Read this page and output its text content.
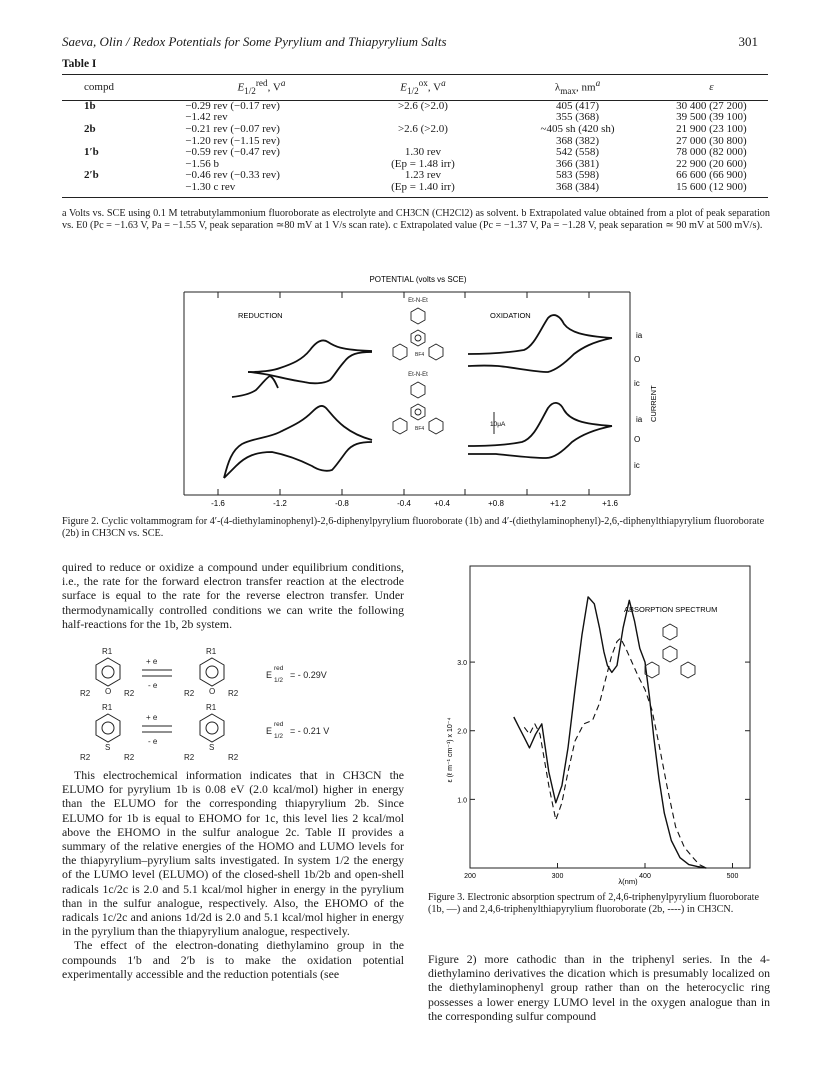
Saeva, Olin / Redox Potentials for Some Pyrylium and Thiapyrylium Salts	301
Table I
compd	$E_{1/2}^{red}$, $V^a$	$E_{1/2}^{ox}$, $V^a$	$\lambda_{max}$, $nm^a$	ε
1b	−0.29 rev (−0.17 rev)	>2.6 (>2.0)	405 (417)	30 400 (27 200)
	−1.42 rev		355 (368)	39 500 (39 100)
2b	−0.21 rev (−0.07 rev)	>2.6 (>2.0)	~405 sh (420 sh)	21 900 (23 100)
	−1.20 rev (−1.15 rev)		368 (382)	27 000 (30 800)
1′b	−0.59 rev (−0.47 rev)	1.30 rev	542 (558)	78 000 (82 000)
	−1.56 b	(Ep = 1.48 irr)	366 (381)	22 900 (20 600)
2′b	−0.46 rev (−0.33 rev)	1.23 rev	583 (598)	66 600 (66 900)
	−1.30 c rev	(Ep = 1.40 irr)	368 (384)	15 600 (12 900)
a Volts vs. SCE using 0.1 M tetrabutylammonium fluoroborate as electrolyte and CH3CN (CH2Cl2) as solvent. b Extrapolated value obtained from a plot of peak separation vs. E0 (Pc = −1.63 V, Pa = −1.55 V, peak separation ≃80 mV at 1 V/s scan rate). c Extrapolated value (Pc = −1.37 V, Pa = −1.28 V, peak separation ≃ 90 mV at 500 mV/s).
POTENTIAL (volts vs SCE)
REDUCTION	OXIDATION
Et-N-Et
BF4
Et-N-Et
BF4
10μA
ia
O
ic
ia
O
ic
CURRENT
-1.6	-1.2	-0.8	-0.4	+0.4	+0.8	+1.2	+1.6
Figure 2. Cyclic voltammogram for 4′-(4-diethylaminophenyl)-2,6-diphenylpyrylium fluoroborate (1b) and 4′-(diethylaminophenyl)-2,6,-diphenylthiapyrylium fluoroborate (2b) in CH3CN vs. SCE.

quired to reduce or oxidize a compound under equilibrium conditions, i.e., the rate for the forward electron transfer reaction at the electrode surface is equal to the rate for the reverse electron transfer. Under thermodynamically controlled conditions we can write the following half-reactions for the 1b, 2b system.

+ e
- e
+ e
- e
O	O
S	S
R1	R1
R2	R2	R2	R2
R1	R1
R2	R2	R2	R2
E
red
1/2
= - 0.29V
E
red
1/2
= - 0.21 V

This electrochemical information indicates that in CH3CN the ELUMO for pyrylium 1b is 0.08 eV (2.0 kcal/mol) higher in energy than the ELUMO for the corresponding thiapyrylium 2b. Since ELUMO for 1b is equal to EHOMO for 1c, this level lies 2 kcal/mol above the EHOMO in the sulfur analogue 2c. Table II provides a summary of the relative energies of the HOMO and LUMO levels for the thiapyrylium–pyrylium salts investigated. In system 1/2 the energy of the LUMO level (ELUMO) of the closed-shell 1b/2b and open-shell radicals 1c/2c is 2.0 and 5.1 kcal/mol higher in energy in the pyrylium than in the sulfur analogue, respectively. Also, the EHOMO of the radicals 1c/2c and anions 1d/2d is 2.0 and 5.1 kcal/mol higher in energy in the pyrylium than the thiapyrylium analogue, respectively.

The effect of the electron-donating diethylamino group in the compounds 1′b and 2′b is to make the oxidation potential experimentally accessible and the reduction potentials (see

ABSORPTION SPECTRUM
ε (ℓ m⁻¹ cm⁻¹) x 10⁻⁴
3.0
2.0
1.0
200	300	400	500
λ(nm)
Figure 3. Electronic absorption spectrum of 2,4,6-triphenylpyrylium fluoroborate (1b, —) and 2,4,6-triphenylthiapyrylium fluoroborate (2b, ----) in CH3CN.

Figure 2) more cathodic than in the triphenyl series. In the 4-diethylamino derivatives the dication which is presumably localized on the diethylaminophenyl group rather than on the heterocyclic ring possesses a lower energy LUMO level in the oxygen analogue than in the corresponding sulfur compound
